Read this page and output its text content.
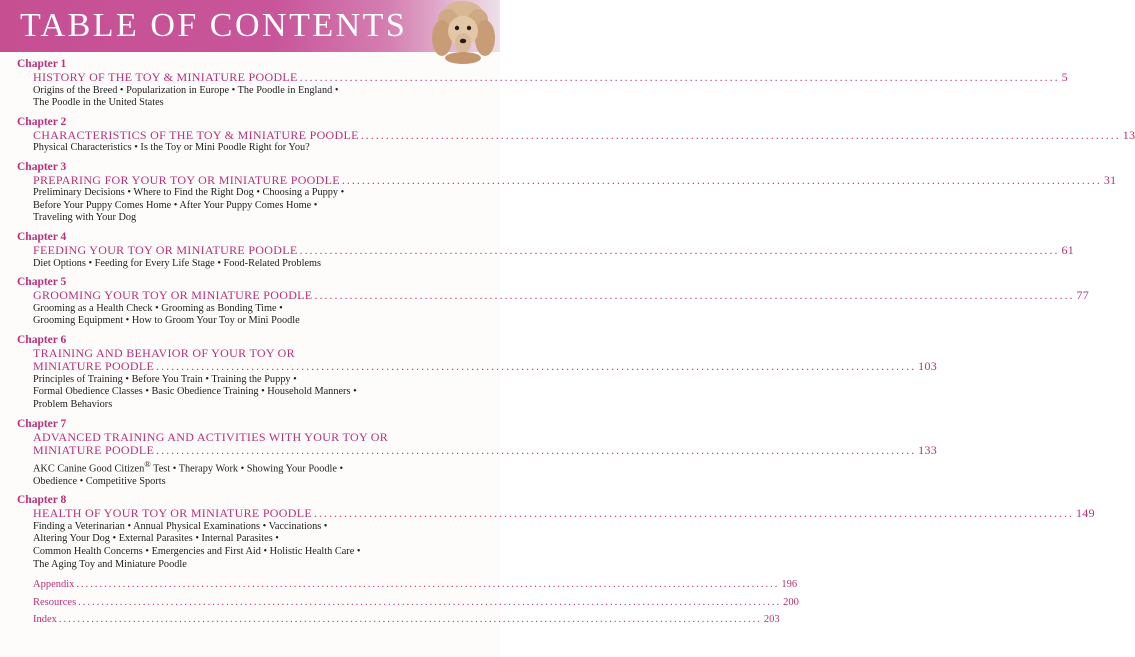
TABLE OF CONTENTS
Chapter 1
HISTORY OF THE TOY & MINIATURE POODLE ........................................................................................................................................................ 5
Origins of the Breed • Popularization in Europe • The Poodle in England •
The Poodle in the United States
Chapter 2
CHARACTERISTICS OF THE TOY & MINIATURE POODLE ........................................................................................................................................................ 13
Physical Characteristics • Is the Toy or Mini Poodle Right for You?
Chapter 3
PREPARING FOR YOUR TOY OR MINIATURE POODLE ........................................................................................................................................................ 31
Preliminary Decisions • Where to Find the Right Dog • Choosing a Puppy •
Before Your Puppy Comes Home • After Your Puppy Comes Home •
Traveling with Your Dog
Chapter 4
FEEDING YOUR TOY OR MINIATURE POODLE ........................................................................................................................................................ 61
Diet Options • Feeding for Every Life Stage • Food-Related Problems
Chapter 5
GROOMING YOUR TOY OR MINIATURE POODLE ........................................................................................................................................................ 77
Grooming as a Health Check • Grooming as Bonding Time •
Grooming Equipment • How to Groom Your Toy or Mini Poodle
Chapter 6
TRAINING AND BEHAVIOR OF YOUR TOY OR
MINIATURE POODLE ........................................................................................................................................................ 103
Principles of Training • Before You Train • Training the Puppy •
Formal Obedience Classes • Basic Obedience Training • Household Manners •
Problem Behaviors
Chapter 7
ADVANCED TRAINING AND ACTIVITIES WITH YOUR TOY OR
MINIATURE POODLE ........................................................................................................................................................ 133
AKC Canine Good Citizen® Test • Therapy Work • Showing Your Poodle •
Obedience • Competitive Sports
Chapter 8
HEALTH OF YOUR TOY OR MINIATURE POODLE ........................................................................................................................................................ 149
Finding a Veterinarian • Annual Physical Examinations • Vaccinations •
Altering Your Dog • External Parasites • Internal Parasites •
Common Health Concerns • Emergencies and First Aid • Holistic Health Care •
The Aging Toy and Miniature Poodle
Appendix ........................................................................................................................................................ 196
Resources ........................................................................................................................................................ 200
Index ........................................................................................................................................................ 203
